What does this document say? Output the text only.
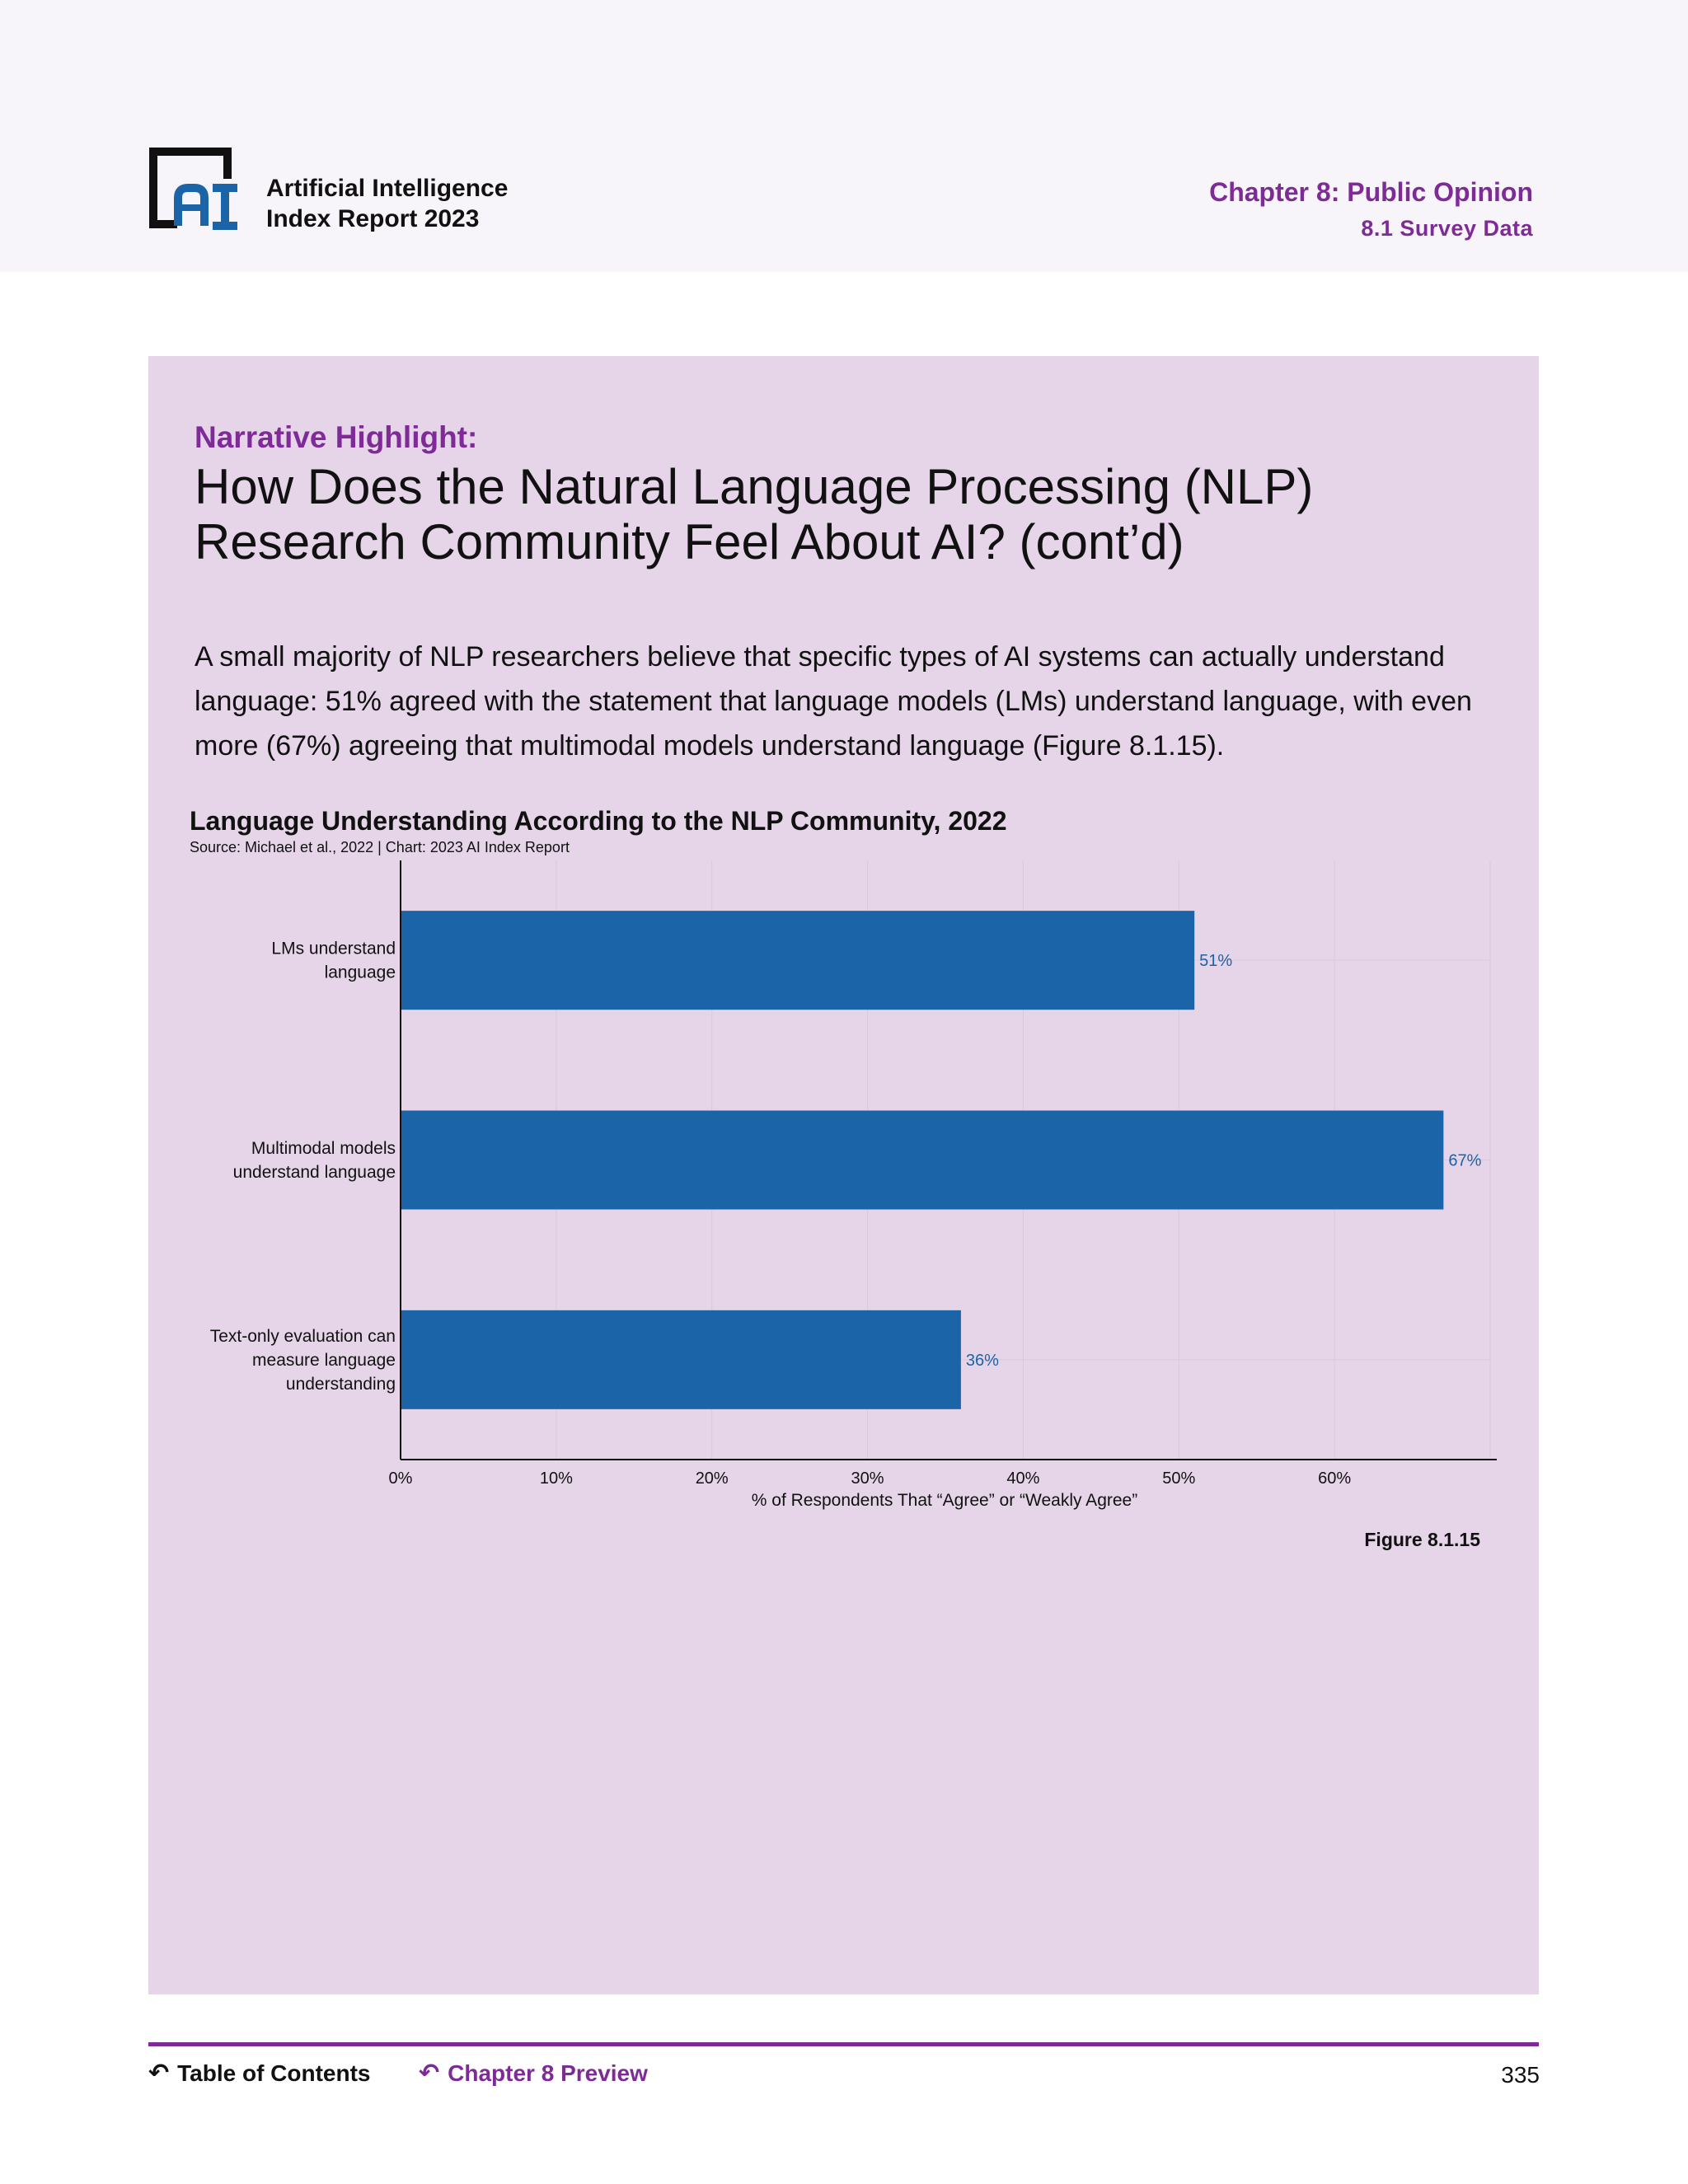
Artificial Intelligence
Index Report 2023
Chapter 8: Public Opinion
8.1 Survey Data
Narrative Highlight:
How Does the Natural Language Processing (NLP)
Research Community Feel About AI? (cont’d)
A small majority of NLP researchers believe that specific types of AI systems can actually understand language: 51% agreed with the statement that language models (LMs) understand language, with even more (67%) agreeing that multimodal models understand language (Figure 8.1.15).
Language Understanding According to the NLP Community, 2022
Source: Michael et al., 2022 | Chart: 2023 AI Index Report
51%
LMs understand
language
67%
Multimodal models
understand language
36%
Text-only evaluation can
measure language
understanding
0%	10%	20%	30%	40%	50%	60%
% of Respondents That “Agree” or “Weakly Agree”
Figure 8.1.15
↶ Table of Contents ↶ Chapter 8 Preview	335
